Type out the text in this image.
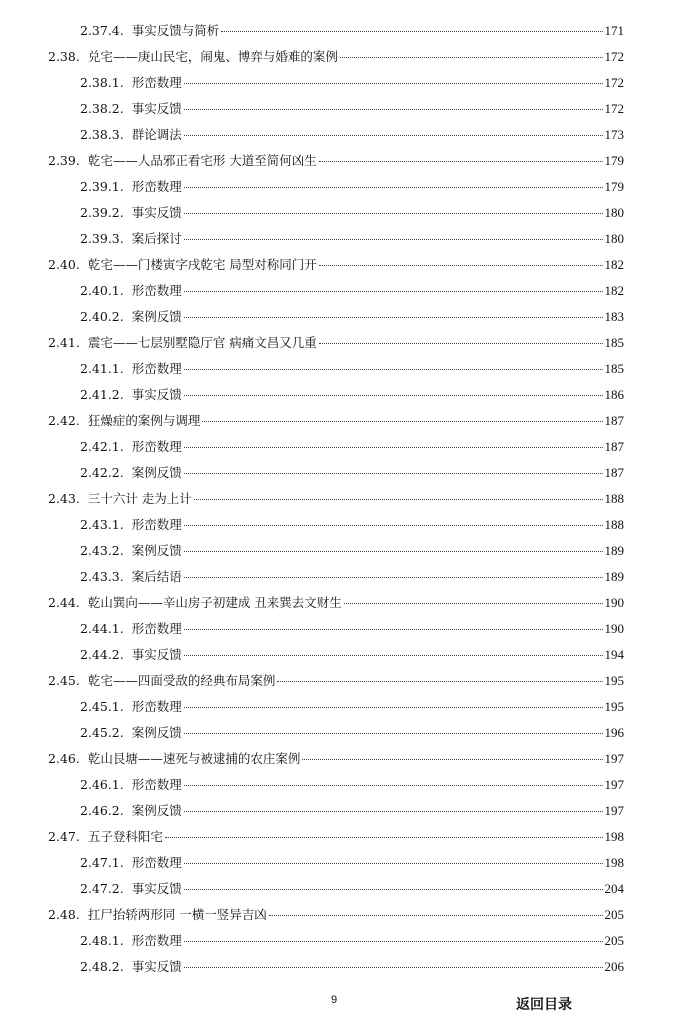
2.37.4. 事实反馈与简析	171
2.38. 兑宅——庚山民宅，闹鬼、博弈与婚难的案例	172
2.38.1. 形峦数理	172
2.38.2. 事实反馈	172
2.38.3. 群论调法	173
2.39. 乾宅——人品邪正看宅形 大道至简何凶生	179
2.39.1. 形峦数理	179
2.39.2. 事实反馈	180
2.39.3. 案后探讨	180
2.40. 乾宅——门楼寅字戌乾宅 局型对称同门开	182
2.40.1. 形峦数理	182
2.40.2. 案例反馈	183
2.41. 震宅——七层别墅隐厅官 病痛文昌又几重	185
2.41.1. 形峦数理	185
2.41.2. 事实反馈	186
2.42. 狂燥症的案例与调理	187
2.42.1. 形峦数理	187
2.42.2. 案例反馈	187
2.43. 三十六计 走为上计	188
2.43.1. 形峦数理	188
2.43.2. 案例反馈	189
2.43.3. 案后结语	189
2.44. 乾山巽向——辛山房子初建成 丑来巽去文财生	190
2.44.1. 形峦数理	190
2.44.2. 事实反馈	194
2.45. 乾宅——四面受敌的经典布局案例	195
2.45.1. 形峦数理	195
2.45.2. 案例反馈	196
2.46. 乾山艮塘——速死与被逮捕的农庄案例	197
2.46.1. 形峦数理	197
2.46.2. 案例反馈	197
2.47. 五子登科阳宅	198
2.47.1. 形峦数理	198
2.47.2. 事实反馈	204
2.48. 扛尸抬轿两形同 一横一竖异吉凶	205
2.48.1. 形峦数理	205
2.48.2. 事实反馈	206
9	返回目录
